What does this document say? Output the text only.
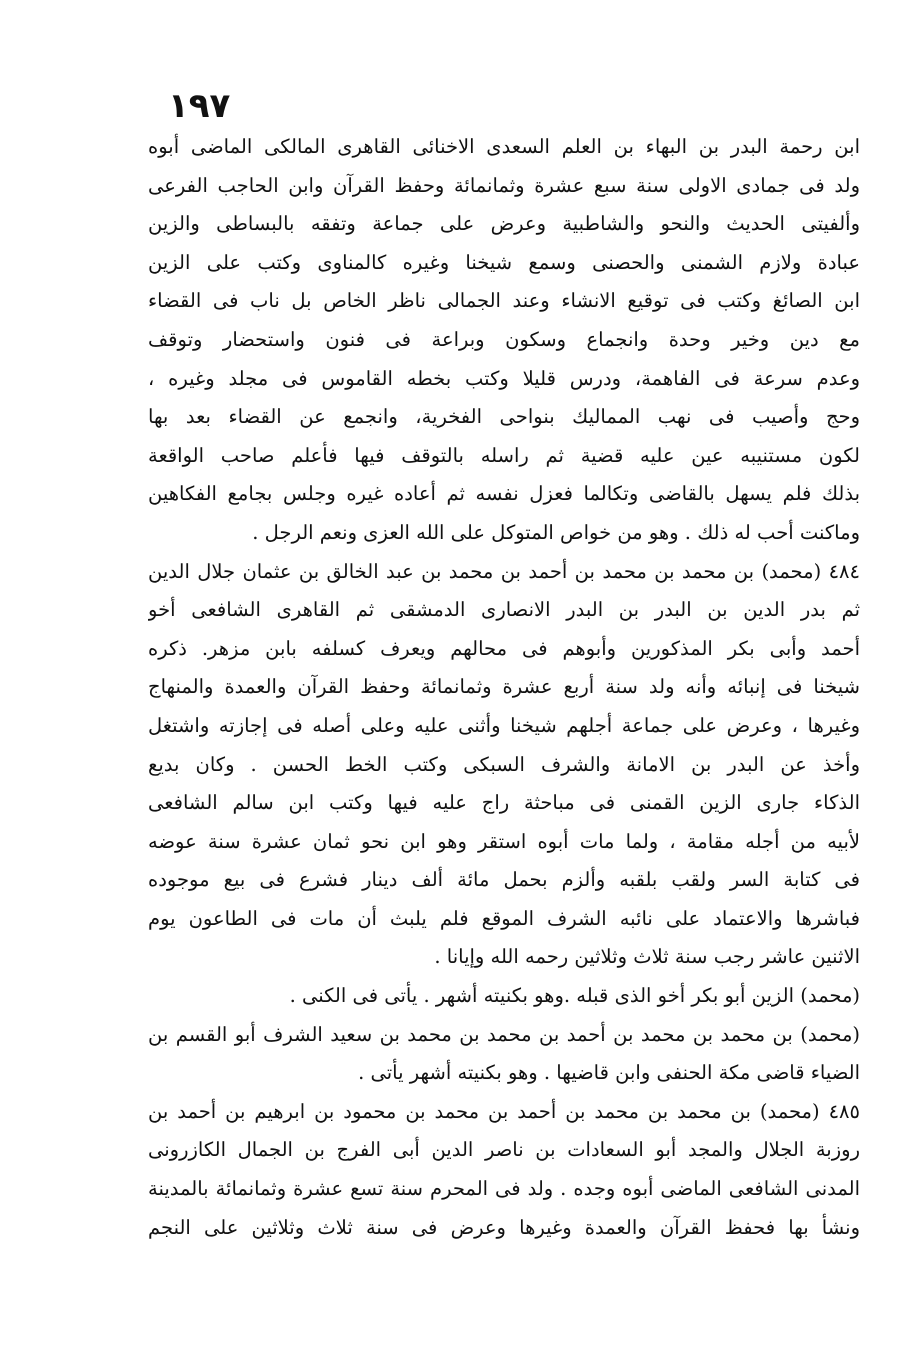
١٩٧
ابن رحمة البدر بن البهاء بن العلم السعدى الاخنائى القاهرى المالكى الماضى أبوه
ولد فى جمادى الاولى سنة سبع عشرة وثمانمائة وحفظ القرآن وابن الحاجب الفرعى
وألفيتى الحديث والنحو والشاطبية وعرض على جماعة وتفقه بالبساطى والزين
عبادة ولازم الشمنى والحصنى وسمع شيخنا وغيره كالمناوى وكتب على الزين
ابن الصائغ وكتب فى توقيع الانشاء وعند الجمالى ناظر الخاص بل ناب فى القضاء
مع دين وخير وحدة وانجماع وسكون وبراعة فى فنون واستحضار وتوقف
وعدم سرعة فى الفاهمة، ودرس قليلا وكتب بخطه القاموس فى مجلد وغيره ،
وحج وأصيب فى نهب المماليك بنواحى الفخرية، وانجمع عن القضاء بعد بها
لكون مستنيبه عين عليه قضية ثم راسله بالتوقف فيها فأعلم صاحب الواقعة
بذلك فلم يسهل بالقاضى وتكالما فعزل نفسه ثم أعاده غيره وجلس بجامع الفكاهين
وماكنت أحب له ذلك . وهو من خواص المتوكل على الله العزى ونعم الرجل .
٤٨٤ (محمد) بن محمد بن محمد بن أحمد بن محمد بن عبد الخالق بن عثمان جلال الدين
ثم بدر الدين بن البدر بن البدر الانصارى الدمشقى ثم القاهرى الشافعى أخو
أحمد وأبى بكر المذكورين وأبوهم فى محالهم ويعرف كسلفه بابن مزهر. ذكره
شيخنا فى إنبائه وأنه ولد سنة أربع عشرة وثمانمائة وحفظ القرآن والعمدة والمنهاج
وغيرها ، وعرض على جماعة أجلهم شيخنا وأثنى عليه وعلى أصله فى إجازته واشتغل
وأخذ عن البدر بن الامانة والشرف السبكى وكتب الخط الحسن . وكان بديع
الذكاء جارى الزين القمنى فى مباحثة راج عليه فيها وكتب ابن سالم الشافعى
لأبيه من أجله مقامة ، ولما مات أبوه استقر وهو ابن نحو ثمان عشرة سنة عوضه
فى كتابة السر ولقب بلقبه وألزم بحمل مائة ألف دينار فشرع فى بيع موجوده
فباشرها والاعتماد على نائبه الشرف الموقع فلم يلبث أن مات فى الطاعون يوم
الاثنين عاشر رجب سنة ثلاث وثلاثين رحمه الله وإيانا .
(محمد) الزين أبو بكر أخو الذى قبله .وهو بكنيته أشهر . يأتى فى الكنى .
(محمد) بن محمد بن محمد بن أحمد بن محمد بن محمد بن سعيد الشرف أبو القسم بن
الضياء قاضى مكة الحنفى وابن قاضيها . وهو بكنيته أشهر يأتى .
٤٨٥ (محمد) بن محمد بن محمد بن أحمد بن محمد بن محمود بن ابرهيم بن أحمد بن
روزبة الجلال والمجد أبو السعادات بن ناصر الدين أبى الفرج بن الجمال الكازرونى
المدنى الشافعى الماضى أبوه وجده . ولد فى المحرم سنة تسع عشرة وثمانمائة بالمدينة
ونشأ بها فحفظ القرآن والعمدة وغيرها وعرض فى سنة ثلاث وثلاثين على النجم
